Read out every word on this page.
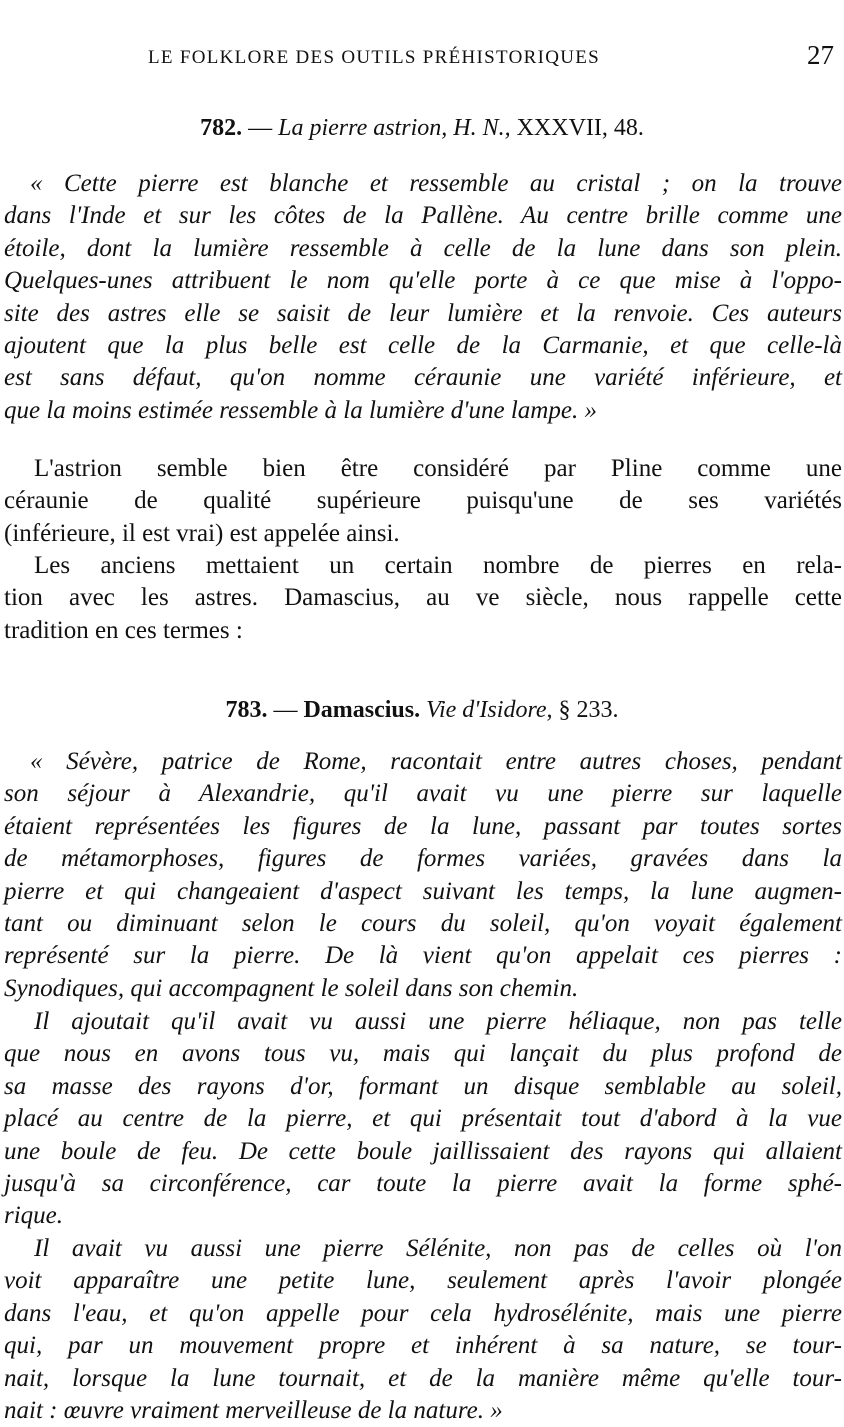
LE FOLKLORE DES OUTILS PRÉHISTORIQUES	27
782. — La pierre astrion, H. N., XXXVII, 48.
« Cette pierre est blanche et ressemble au cristal ; on la trouve
dans l'Inde et sur les côtes de la Pallène. Au centre brille comme une
étoile, dont la lumière ressemble à celle de la lune dans son plein.
Quelques-unes attribuent le nom qu'elle porte à ce que mise à l'oppo-
site des astres elle se saisit de leur lumière et la renvoie. Ces auteurs
ajoutent que la plus belle est celle de la Carmanie, et que celle-là
est sans défaut, qu'on nomme céraunie une variété inférieure, et
que la moins estimée ressemble à la lumière d'une lampe. »
L'astrion semble bien être considéré par Pline comme une
céraunie de qualité supérieure puisqu'une de ses variétés
(inférieure, il est vrai) est appelée ainsi.
Les anciens mettaient un certain nombre de pierres en rela-
tion avec les astres. Damascius, au ve siècle, nous rappelle cette
tradition en ces termes :
783. — Damascius. Vie d'Isidore, § 233.
« Sévère, patrice de Rome, racontait entre autres choses, pendant
son séjour à Alexandrie, qu'il avait vu une pierre sur laquelle
étaient représentées les figures de la lune, passant par toutes sortes
de métamorphoses, figures de formes variées, gravées dans la
pierre et qui changeaient d'aspect suivant les temps, la lune augmen-
tant ou diminuant selon le cours du soleil, qu'on voyait également
représenté sur la pierre. De là vient qu'on appelait ces pierres :
Synodiques, qui accompagnent le soleil dans son chemin.
Il ajoutait qu'il avait vu aussi une pierre héliaque, non pas telle
que nous en avons tous vu, mais qui lançait du plus profond de
sa masse des rayons d'or, formant un disque semblable au soleil,
placé au centre de la pierre, et qui présentait tout d'abord à la vue
une boule de feu. De cette boule jaillissaient des rayons qui allaient
jusqu'à sa circonférence, car toute la pierre avait la forme sphé-
rique.
Il avait vu aussi une pierre Sélénite, non pas de celles où l'on
voit apparaître une petite lune, seulement après l'avoir plongée
dans l'eau, et qu'on appelle pour cela hydrosélénite, mais une pierre
qui, par un mouvement propre et inhérent à sa nature, se tour-
nait, lorsque la lune tournait, et de la manière même qu'elle tour-
nait : œuvre vraiment merveilleuse de la nature. »
